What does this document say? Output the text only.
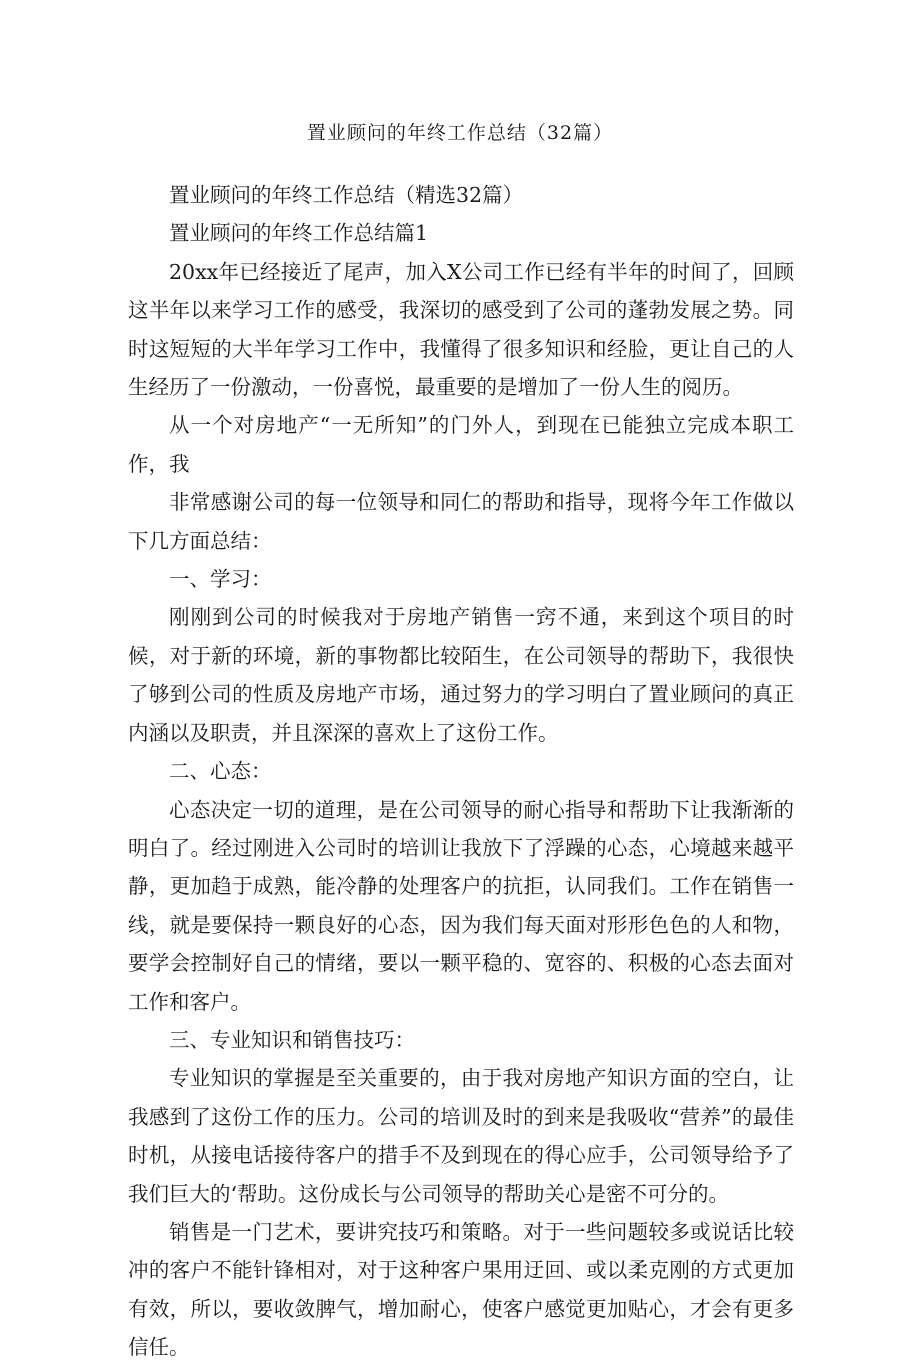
置业顾问的年终工作总结（32篇）

置业顾问的年终工作总结（精选32篇）

置业顾问的年终工作总结篇1

20xx年已经接近了尾声，加入X公司工作已经有半年的时间了，回顾这半年以来学习工作的感受，我深切的感受到了公司的蓬勃发展之势。同时这短短的大半年学习工作中，我懂得了很多知识和经脸，更让自己的人生经历了一份激动，一份喜悦，最重要的是增加了一份人生的阅历。

从一个对房地产“一无所知”的门外人，到现在已能独立完成本职工作，我

非常感谢公司的每一位领导和同仁的帮助和指导，现将今年工作做以下几方面总结：

一、学习：

刚刚到公司的时候我对于房地产销售一窍不通，来到这个项目的时候，对于新的环境，新的事物都比较陌生，在公司领导的帮助下，我很快了够到公司的性质及房地产市场，通过努力的学习明白了置业顾问的真正内涵以及职责，并且深深的喜欢上了这份工作。

二、心态：

心态决定一切的道理，是在公司领导的耐心指导和帮助下让我渐渐的明白了。经过刚进入公司时的培训让我放下了浮躁的心态，心境越来越平静，更加趋于成熟，能冷静的处理客户的抗拒，认同我们。工作在销售一线，就是要保持一颗良好的心态，因为我们每天面对形形色色的人和物，要学会控制好自己的情绪，要以一颗平稳的、宽容的、积极的心态去面对工作和客户。

三、专业知识和销售技巧：

专业知识的掌握是至关重要的，由于我对房地产知识方面的空白，让我感到了这份工作的压力。公司的培训及时的到来是我吸收“营养”的最佳时机，从接电话接待客户的措手不及到现在的得心应手，公司领导给予了我们巨大的‘帮助。这份成长与公司领导的帮助关心是密不可分的。

销售是一门艺术，要讲究技巧和策略。对于一些问题较多或说话比较冲的客户不能针锋相对，对于这种客户果用迂回、或以柔克刚的方式更加有效，所以，要收敛脾气，增加耐心，使客户感觉更加贴心，才会有更多信任。
